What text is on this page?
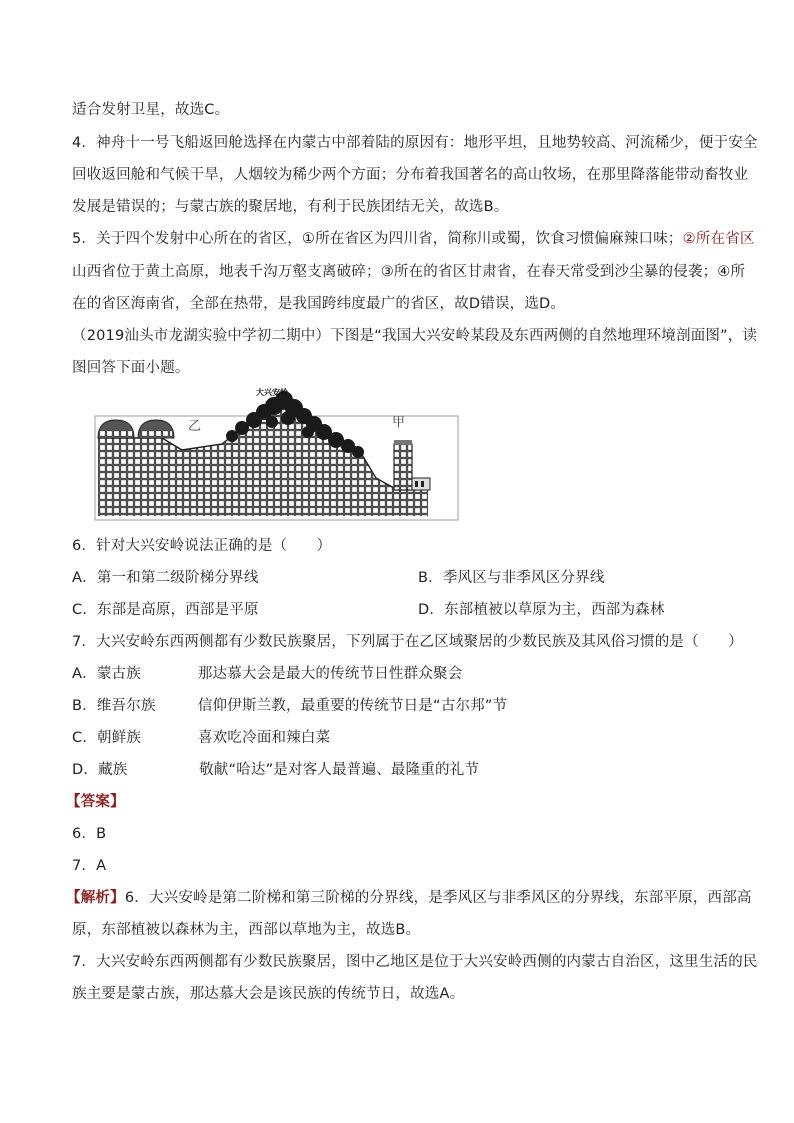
适合发射卫星，故选C。
4．神舟十一号飞船返回舱选择在内蒙古中部着陆的原因有：地形平坦，且地势较高、河流稀少，便于安全
回收返回舱和气候干旱，人烟较为稀少两个方面；分布着我国著名的高山牧场，在那里降落能带动畜牧业
发展是错误的；与蒙古族的聚居地，有利于民族团结无关，故选B。
5．关于四个发射中心所在的省区，①所在省区为四川省，简称川或蜀，饮食习惯偏麻辣口味；②所在省区
山西省位于黄土高原，地表千沟万壑支离破碎；③所在的省区甘肃省，在春天常受到沙尘暴的侵袭；④所
在的省区海南省，全部在热带，是我国跨纬度最广的省区，故D错误，选D。
（2019汕头市龙湖实验中学初二期中）下图是“我国大兴安岭某段及东西两侧的自然地理环境剖面图”，读
图回答下面小题。
大兴安岭
乙	甲
6．针对大兴安岭说法正确的是（　　）
A．第一和第二级阶梯分界线	B．季风区与非季风区分界线
C．东部是高原，西部是平原	D．东部植被以草原为主，西部为森林
7．大兴安岭东西两侧都有少数民族聚居，下列属于在乙区域聚居的少数民族及其风俗习惯的是（　　）
A．蒙古族	那达慕大会是最大的传统节日性群众聚会
B．维吾尔族	信仰伊斯兰教，最重要的传统节日是“古尔邦”节
C．朝鲜族	喜欢吃冷面和辣白菜
D．藏族	敬献“哈达”是对客人最普遍、最隆重的礼节
【答案】
6．B
7．A
【解析】6．大兴安岭是第二阶梯和第三阶梯的分界线，是季风区与非季风区的分界线，东部平原，西部高
原，东部植被以森林为主，西部以草地为主，故选B。
7．大兴安岭东西两侧都有少数民族聚居，图中乙地区是位于大兴安岭西侧的内蒙古自治区，这里生活的民
族主要是蒙古族，那达慕大会是该民族的传统节日，故选A。
